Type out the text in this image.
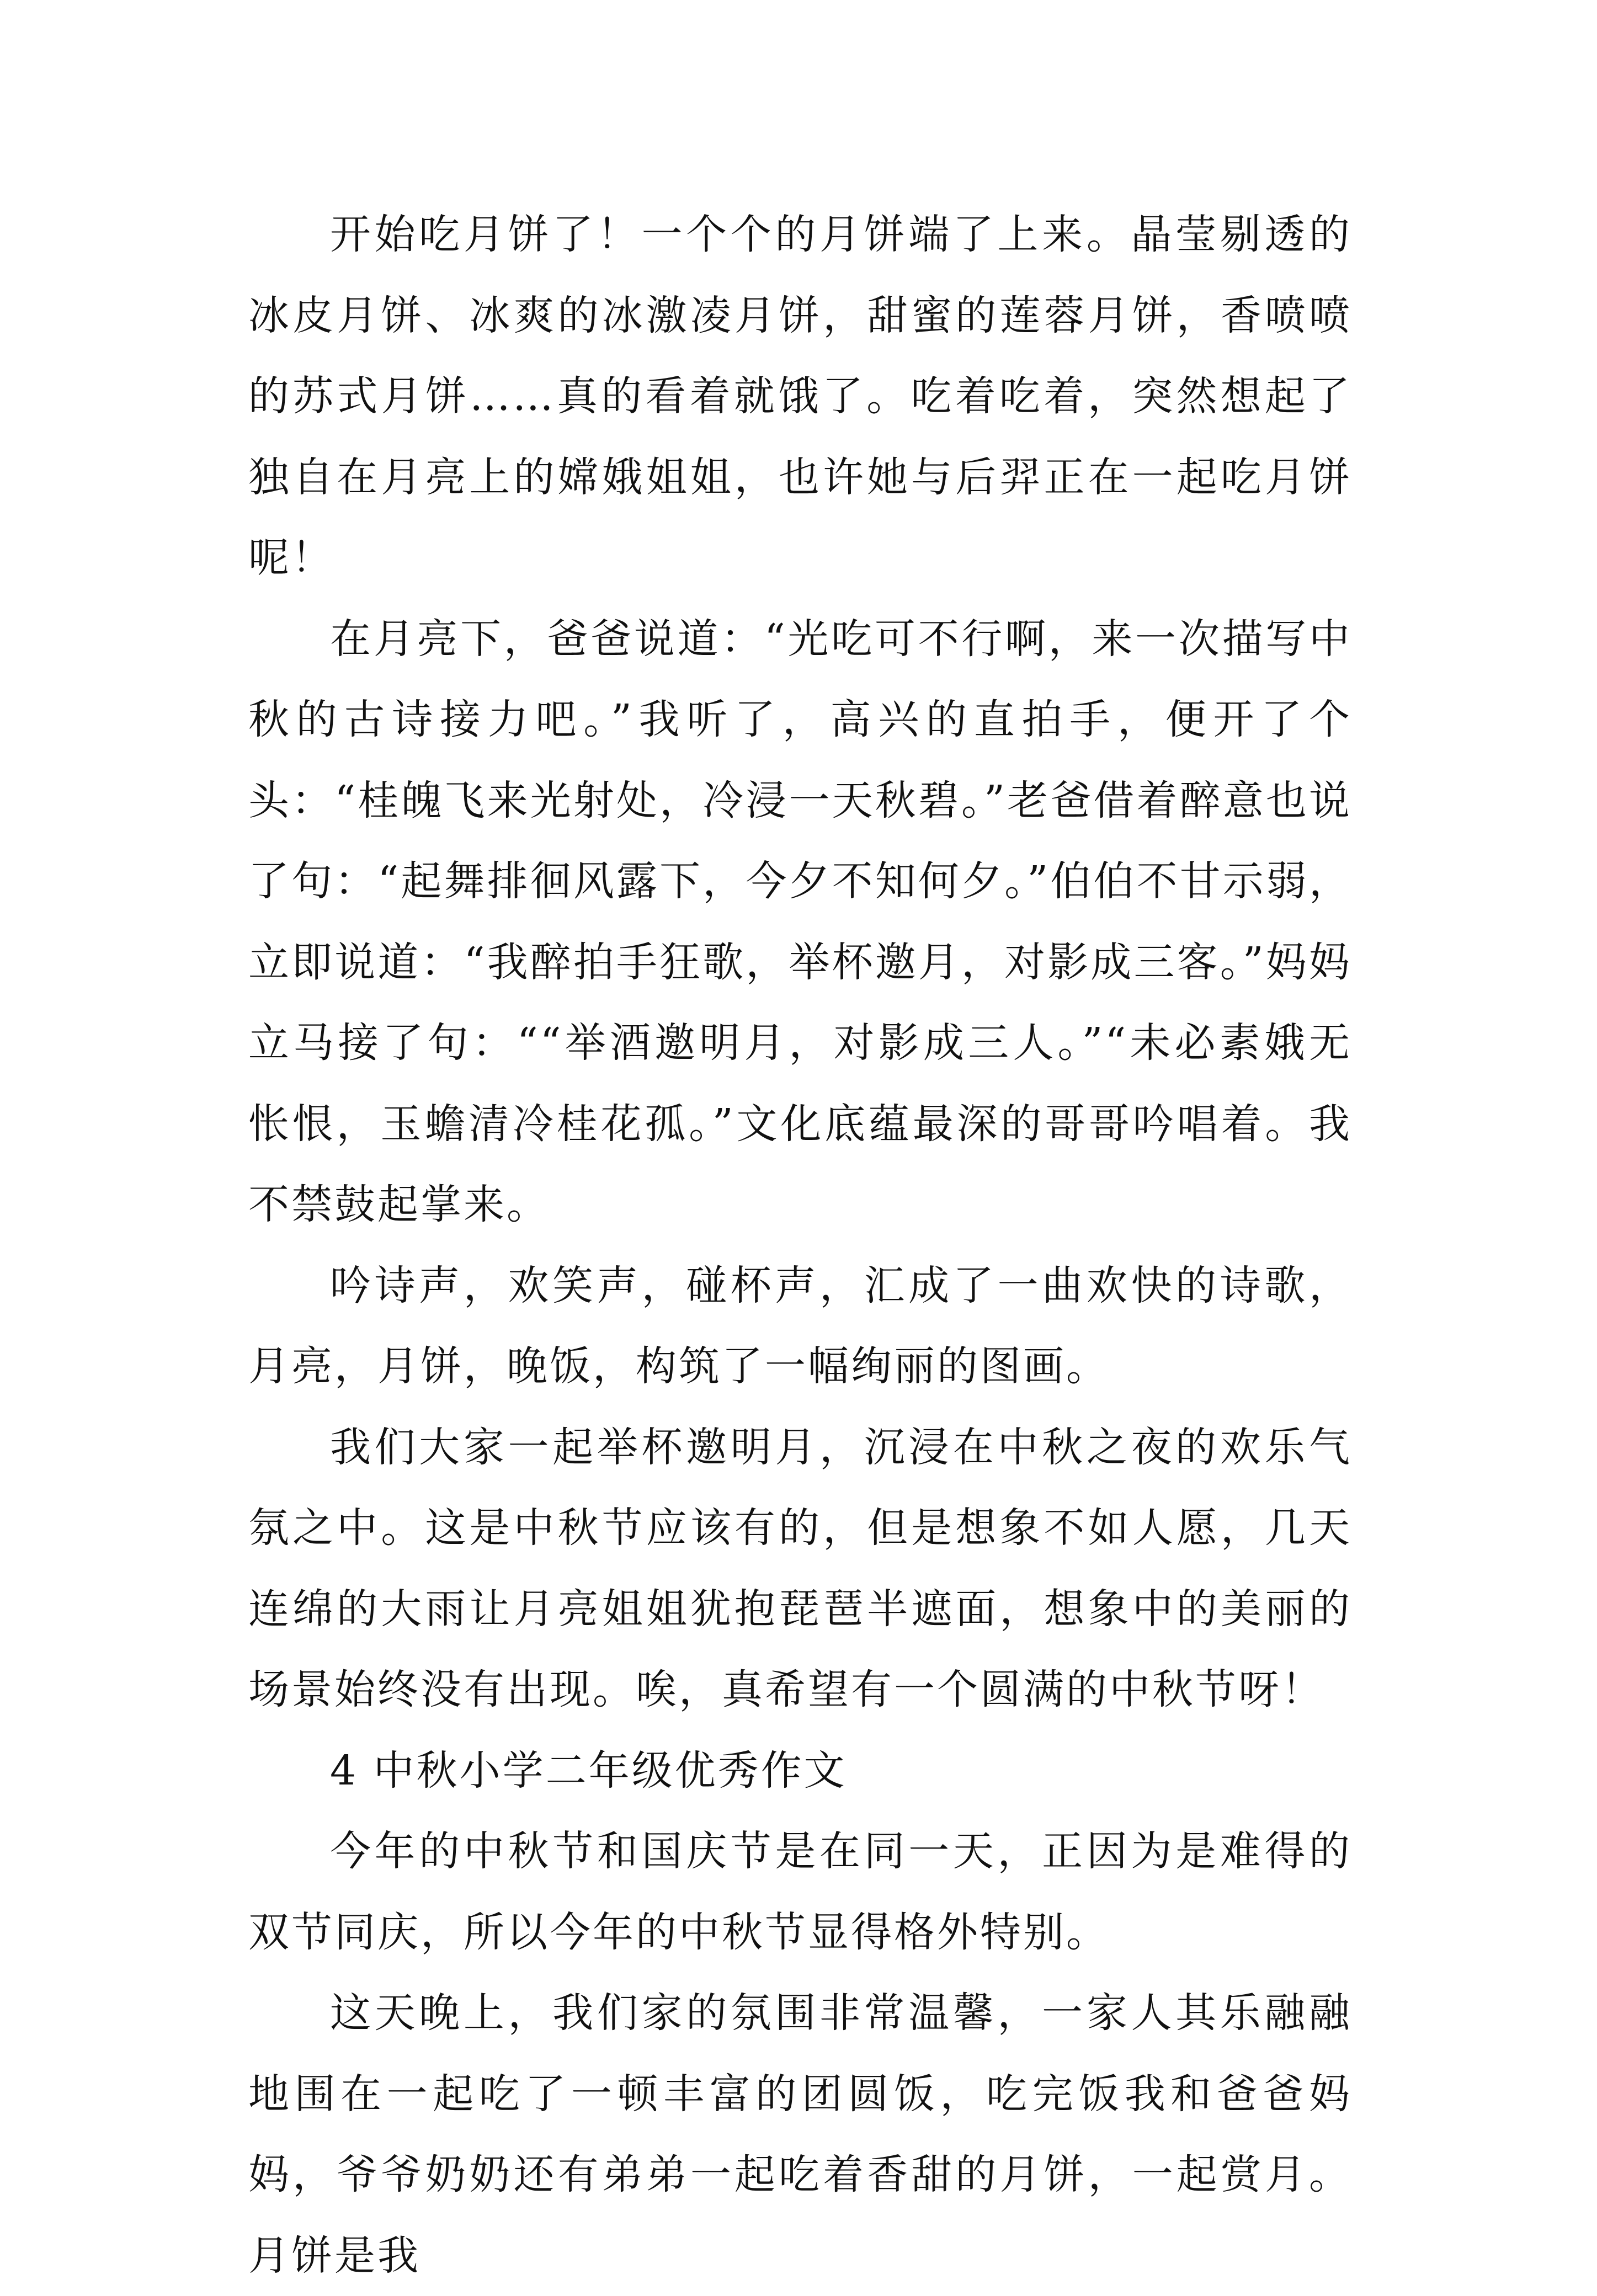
开始吃月饼了！一个个的月饼端了上来。晶莹剔透的冰皮月饼、冰爽的冰激凌月饼，甜蜜的莲蓉月饼，香喷喷的苏式月饼……真的看着就饿了。吃着吃着，突然想起了独自在月亮上的嫦娥姐姐，也许她与后羿正在一起吃月饼呢！

在月亮下，爸爸说道：“光吃可不行啊，来一次描写中秋的古诗接力吧。”我听了，高兴的直拍手，便开了个头：“桂魄飞来光射处，冷浸一天秋碧。”老爸借着醉意也说了句：“起舞排徊风露下，今夕不知何夕。”伯伯不甘示弱，立即说道：“我醉拍手狂歌，举杯邀月，对影成三客。”妈妈立马接了句：““举酒邀明月，对影成三人。”“未必素娥无怅恨，玉蟾清冷桂花孤。”文化底蕴最深的哥哥吟唱着。我不禁鼓起掌来。

吟诗声，欢笑声，碰杯声，汇成了一曲欢快的诗歌，月亮，月饼，晚饭，构筑了一幅绚丽的图画。

我们大家一起举杯邀明月，沉浸在中秋之夜的欢乐气氛之中。这是中秋节应该有的，但是想象不如人愿，几天连绵的大雨让月亮姐姐犹抱琵琶半遮面，想象中的美丽的场景始终没有出现。唉，真希望有一个圆满的中秋节呀！

4 中秋小学二年级优秀作文

今年的中秋节和国庆节是在同一天，正因为是难得的双节同庆，所以今年的中秋节显得格外特别。

这天晚上，我们家的氛围非常温馨，一家人其乐融融地围在一起吃了一顿丰富的团圆饭，吃完饭我和爸爸妈妈，爷爷奶奶还有弟弟一起吃着香甜的月饼，一起赏月。月饼是我
